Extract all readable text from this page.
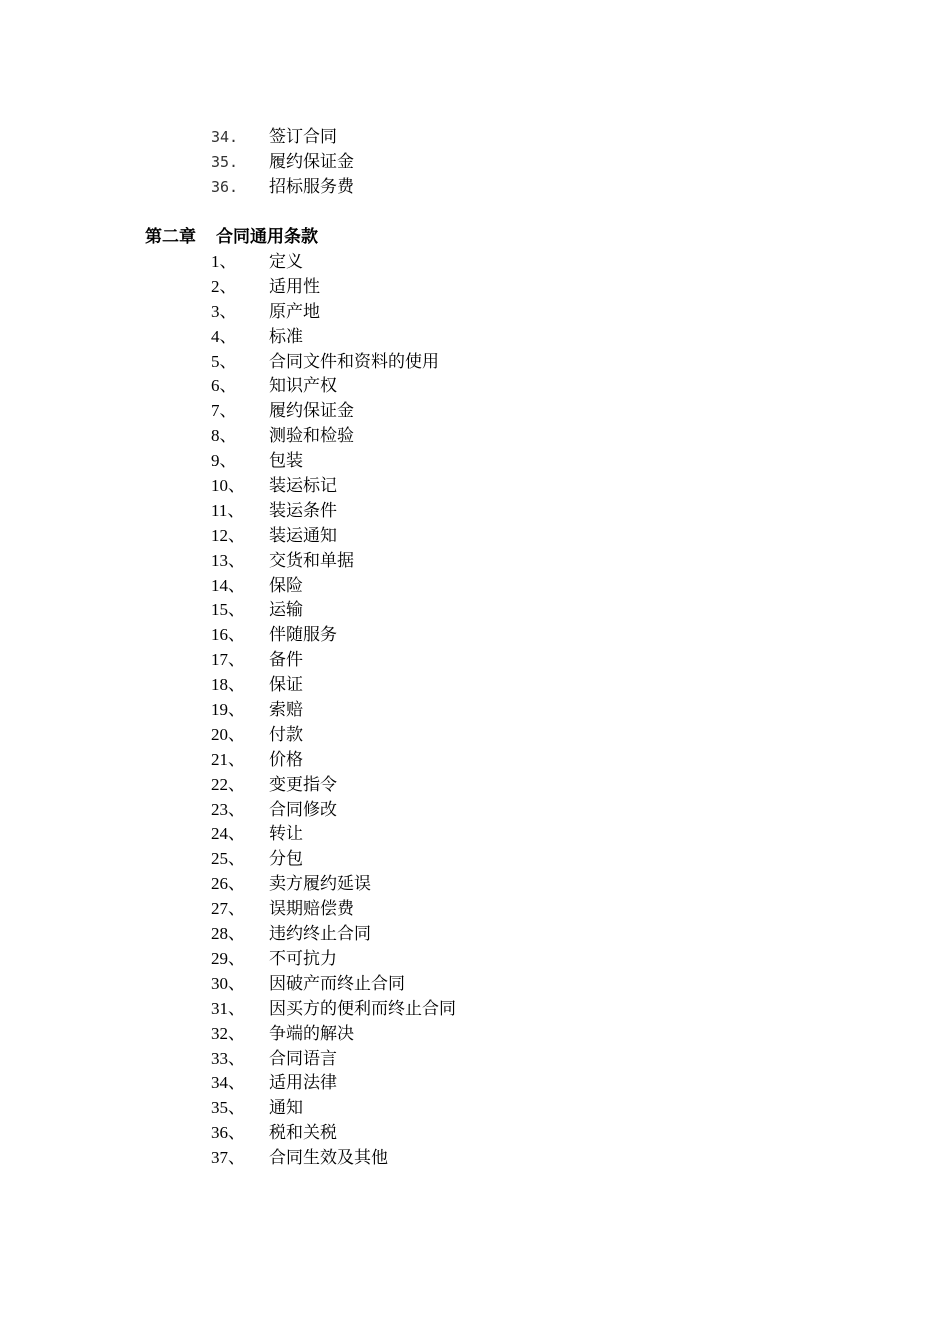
34.	签订合同
35.	履约保证金
36.	招标服务费
第二章 合同通用条款
1、	定义
2、	适用性
3、	原产地
4、	标准
5、	合同文件和资料的使用
6、	知识产权
7、	履约保证金
8、	测验和检验
9、	包装
10、	装运标记
11、	装运条件
12、	装运通知
13、	交货和单据
14、	保险
15、	运输
16、	伴随服务
17、	备件
18、	保证
19、	索赔
20、	付款
21、	价格
22、	变更指令
23、	合同修改
24、	转让
25、	分包
26、	卖方履约延误
27、	误期赔偿费
28、	违约终止合同
29、	不可抗力
30、	因破产而终止合同
31、	因买方的便利而终止合同
32、	争端的解决
33、	合同语言
34、	适用法律
35、	通知
36、	税和关税
37、	合同生效及其他
